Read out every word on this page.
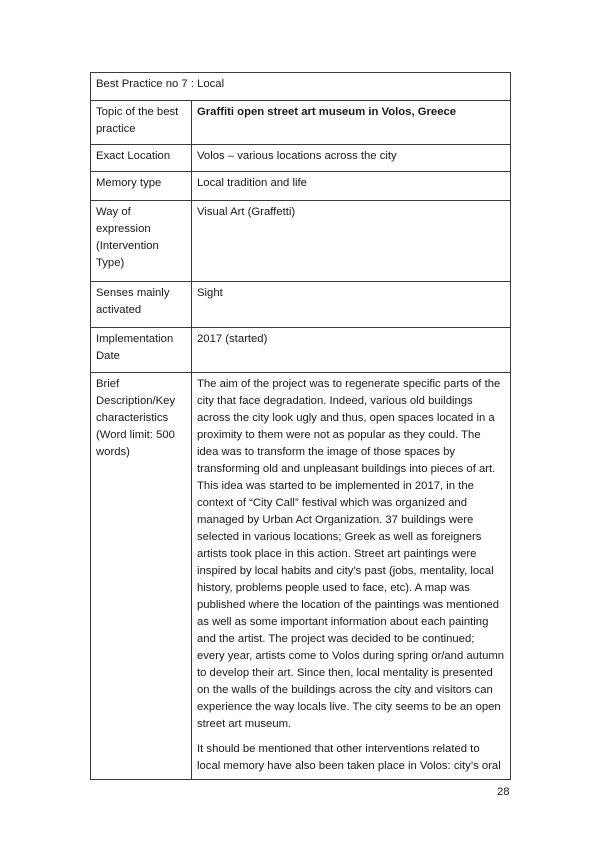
Best Practice no 7 : Local	
Topic of the best practice	Graffiti open street art museum in Volos, Greece
Exact Location	Volos – various locations across the city
Memory type	Local tradition and life
Way of expression (Intervention Type)	Visual Art (Graffetti)
Senses mainly activated	Sight
Implementation Date	2017 (started)
Brief Description/Key characteristics (Word limit: 500 words)	The aim of the project was to regenerate specific parts of the city that face degradation. Indeed, various old buildings across the city look ugly and thus, open spaces located in a proximity to them were not as popular as they could. The idea was to transform the image of those spaces by transforming old and unpleasant buildings into pieces of art. This idea was started to be implemented in 2017, in the context of “City Call” festival which was organized and managed by Urban Act Organization. 37 buildings were selected in various locations; Greek as well as foreigners artists took place in this action. Street art paintings were inspired by local habits and city’s past (jobs, mentality, local history, problems people used to face, etc). A map was published where the location of the paintings was mentioned as well as some important information about each painting and the artist. The project was decided to be continued; every year, artists come to Volos during spring or/and autumn to develop their art. Since then, local mentality is presented on the walls of the buildings across the city and visitors can experience the way locals live. The city seems to be an open street art museum.

It should be mentioned that other interventions related to local memory have also been taken place in Volos: city’s oral

28
